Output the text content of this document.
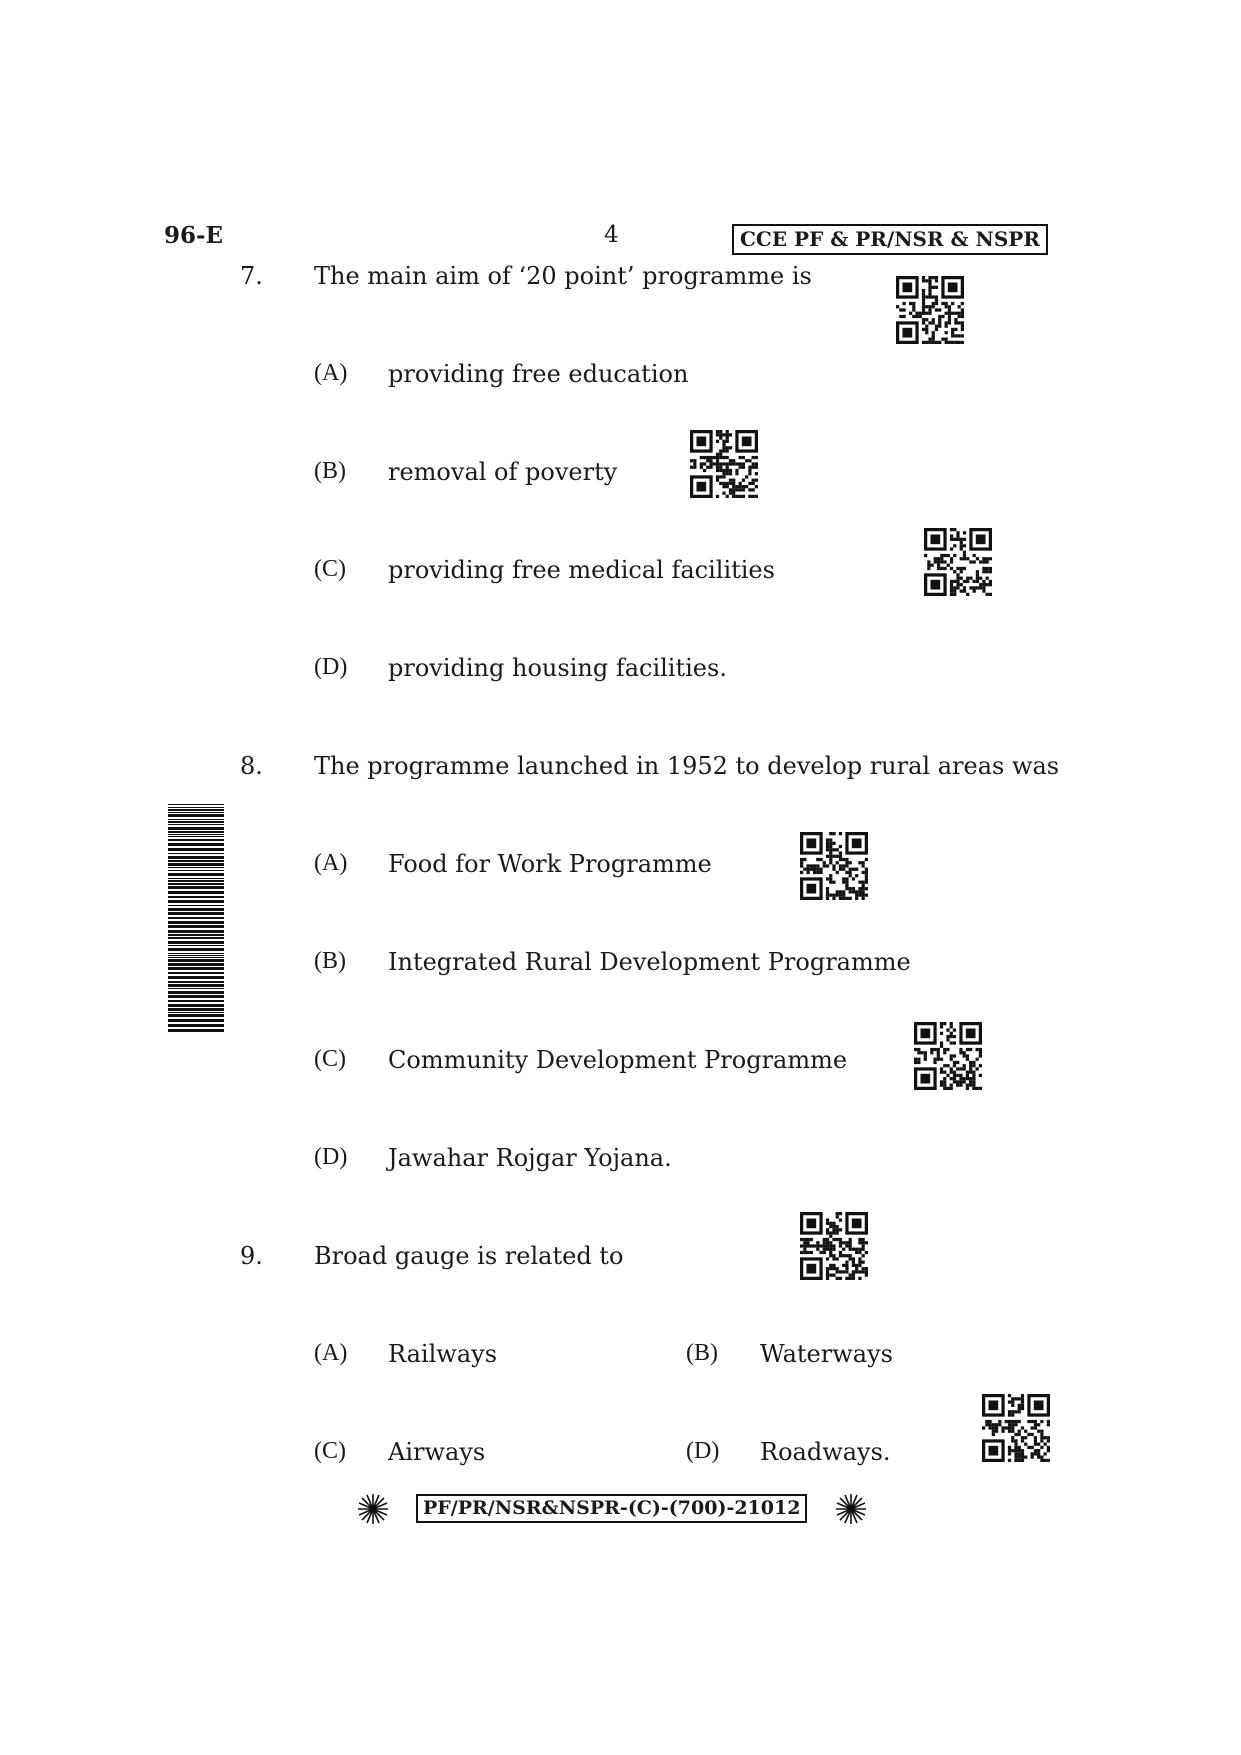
96-E	4	CCE PF & PR/NSR & NSPR
7. The main aim of ‘20 point’ programme is
(A) providing free education
(B) removal of poverty
(C) providing free medical facilities
(D) providing housing facilities.
8. The programme launched in 1952 to develop rural areas was
(A) Food for Work Programme
(B) Integrated Rural Development Programme
(C) Community Development Programme
(D) Jawahar Rojgar Yojana.
9. Broad gauge is related to
(A) Railways	(B) Waterways
(C) Airways	(D) Roadways.
PF/PR/NSR&NSPR-(C)-(700)-21012
